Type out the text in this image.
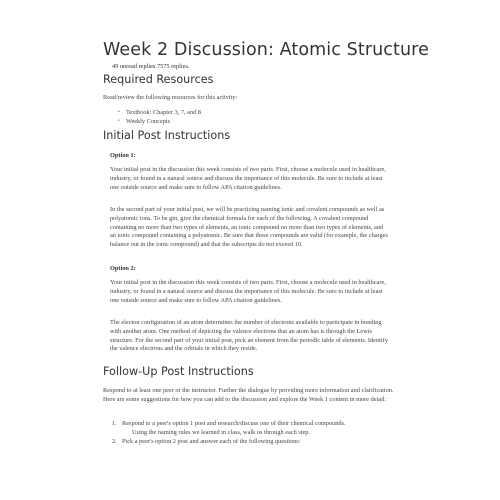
Week 2 Discussion: Atomic Structure
49 unread replies.7575 replies.
Required Resources
Read/review the following resources for this activity:
• Textbook: Chapter 3, 7, and 8
• Weekly Concepts
Initial Post Instructions
Option 1:
Your initial post in the discussion this week consists of two parts. First, choose a molecule used in healthcare, industry, or found in a natural source and discuss the importance of this molecule. Be sure to include at least one outside source and make sure to follow APA citation guidelines.
In the second part of your initial post, we will be practicing naming ionic and covalent compounds as well as polyatomic ions. To be gin, give the chemical formula for each of the following. A covalent compound containing no more than two types of elements, an ionic compound no more than two types of elements, and an ionic compound containing a polyatomic. Be sure that these compounds are valid (for example, the charges balance out in the ionic compound) and that the subscripts do not exceed 10.
Option 2:
Your initial post in the discussion this week consists of two parts. First, choose a molecule used in healthcare, industry, or found in a natural source and discuss the importance of this molecule. Be sure to include at least one outside source and make sure to follow APA citation guidelines.
The electon configuration of an atom determines the number of electrons available to participate in bonding with another atom. One method of depicting the valence electrons that an atom has is through the Lewis structure. For the second part of your initial post, pick an element from the periodic table of elements. Identify the valence electrons and the orbitals in which they reside.
Follow-Up Post Instructions
Respond to at least one peer or the instructor. Further the dialogue by providing more information and clarification. Here are some suggestions for how you can add to the discussion and explore the Week 1 content in more detail:
1. Respond to a peer's option 1 post and research/discuss one of their chemical compounds.
Using the naming rules we learned in class, walk us through each step.
2. Pick a peer's option 2 post and answer each of the following questions:
